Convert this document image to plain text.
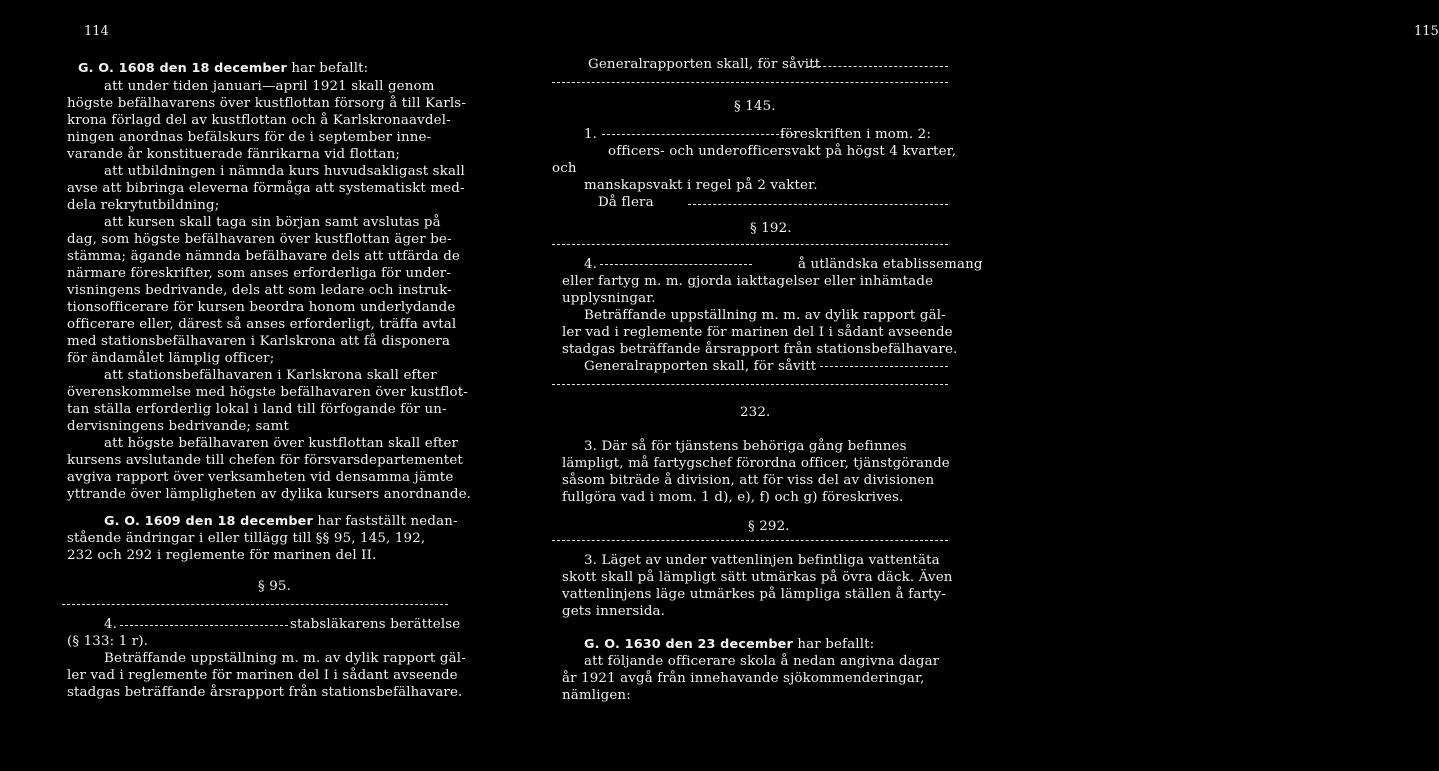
114
G. O. 1608 den 18 december har befallt:
att under tiden januari—april 1921 skall genom
högste befälhavarens över kustflottan försorg å till Karls-
krona förlagd del av kustflottan och å Karlskronaavdel-
ningen anordnas befälskurs för de i september inne-
varande år konstituerade fänrikarna vid flottan;
att utbildningen i nämnda kurs huvudsakligast skall
avse att bibringa eleverna förmåga att systematiskt med-
dela rekrytutbildning;
att kursen skall taga sin början samt avslutas på
dag, som högste befälhavaren över kustflottan äger be-
stämma; ägande nämnda befälhavare dels att utfärda de
närmare föreskrifter, som anses erforderliga för under-
visningens bedrivande, dels att som ledare och instruk-
tionsofficerare för kursen beordra honom underlydande
officerare eller, därest så anses erforderligt, träffa avtal
med stationsbefälhavaren i Karlskrona att få disponera
för ändamålet lämplig officer;
att stationsbefälhavaren i Karlskrona skall efter
överenskommelse med högste befälhavaren över kustflot-
tan ställa erforderlig lokal i land till förfogande för un-
dervisningens bedrivande; samt
att högste befälhavaren över kustflottan skall efter
kursens avslutande till chefen för försvarsdepartementet
avgiva rapport över verksamheten vid densamma jämte
yttrande över lämpligheten av dylika kursers anordnande.
G. O. 1609 den 18 december har fastställt nedan-
stående ändringar i eller tillägg till §§ 95, 145, 192,
232 och 292 i reglemente för marinen del II.
§ 95.
4.	stabsläkarens berättelse
(§ 133: 1 r).
Beträffande uppställning m. m. av dylik rapport gäl-
ler vad i reglemente för marinen del I i sådant avseende
stadgas beträffande årsrapport från stationsbefälhavare.
115
Generalrapporten skall, för såvitt
§ 145.
1.	föreskriften i mom. 2:
officers- och underofficersvakt på högst 4 kvarter,
och
manskapsvakt i regel på 2 vakter.
Då flera
§ 192.
4.	å utländska etablissemang
eller fartyg m. m. gjorda iakttagelser eller inhämtade
upplysningar.
Beträffande uppställning m. m. av dylik rapport gäl-
ler vad i reglemente för marinen del I i sådant avseende
stadgas beträffande årsrapport från stationsbefälhavare.
Generalrapporten skall, för såvitt
232.
3. Där så för tjänstens behöriga gång befinnes
lämpligt, må fartygschef förordna officer, tjänstgörande
såsom biträde å division, att för viss del av divisionen
fullgöra vad i mom. 1 d), e), f) och g) föreskrives.
§ 292.
3. Läget av under vattenlinjen befintliga vattentäta
skott skall på lämpligt sätt utmärkas på övra däck. Även
vattenlinjens läge utmärkes på lämpliga ställen å farty-
gets innersida.
G. O. 1630 den 23 december har befallt:
att följande officerare skola å nedan angivna dagar
år 1921 avgå från innehavande sjökommenderingar,
nämligen:
